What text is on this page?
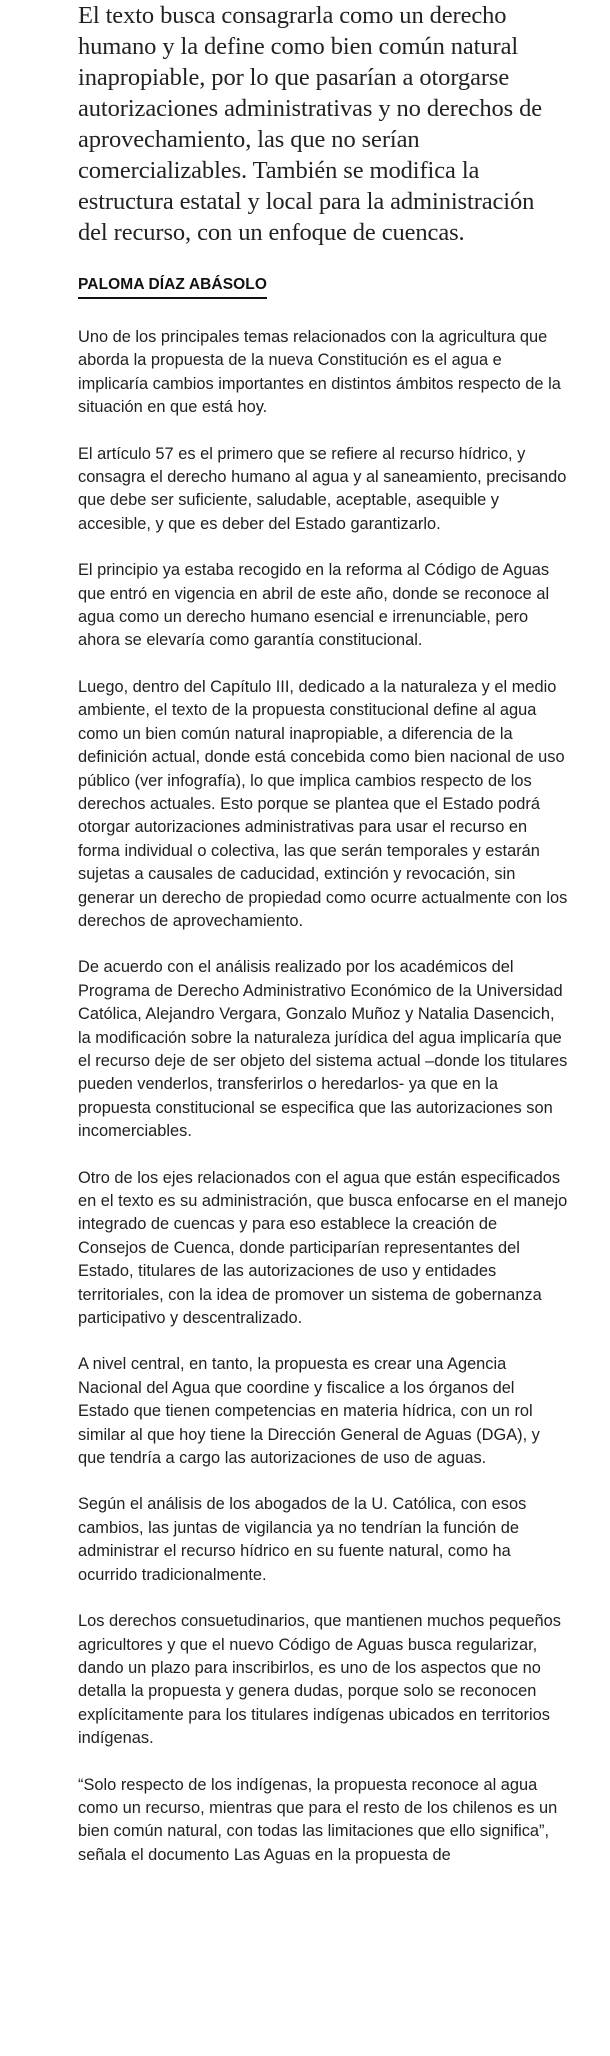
El texto busca consagrarla como un derecho humano y la define como bien común natural inapropiable, por lo que pasarían a otorgarse autorizaciones administrativas y no derechos de aprovechamiento, las que no serían comercializables. También se modifica la estructura estatal y local para la administración del recurso, con un enfoque de cuencas.

PALOMA DÍAZ ABÁSOLO

Uno de los principales temas relacionados con la agricultura que aborda la propuesta de la nueva Constitución es el agua e implicaría cambios importantes en distintos ámbitos respecto de la situación en que está hoy.

El artículo 57 es el primero que se refiere al recurso hídrico, y consagra el derecho humano al agua y al saneamiento, precisando que debe ser suficiente, saludable, aceptable, asequible y accesible, y que es deber del Estado garantizarlo.

El principio ya estaba recogido en la reforma al Código de Aguas que entró en vigencia en abril de este año, donde se reconoce al agua como un derecho humano esencial e irrenunciable, pero ahora se elevaría como garantía constitucional.

Luego, dentro del Capítulo III, dedicado a la naturaleza y el medio ambiente, el texto de la propuesta constitucional define al agua como un bien común natural inapropiable, a diferencia de la definición actual, donde está concebida como bien nacional de uso público (ver infografía), lo que implica cambios respecto de los derechos actuales. Esto porque se plantea que el Estado podrá otorgar autorizaciones administrativas para usar el recurso en forma individual o colectiva, las que serán temporales y estarán sujetas a causales de caducidad, extinción y revocación, sin generar un derecho de propiedad como ocurre actualmente con los derechos de aprovechamiento.

De acuerdo con el análisis realizado por los académicos del Programa de Derecho Administrativo Económico de la Universidad Católica, Alejandro Vergara, Gonzalo Muñoz y Natalia Dasencich, la modificación sobre la naturaleza jurídica del agua implicaría que el recurso deje de ser objeto del sistema actual –donde los titulares pueden venderlos, transferirlos o heredarlos- ya que en la propuesta constitucional se especifica que las autorizaciones son incomerciables.

Otro de los ejes relacionados con el agua que están especificados en el texto es su administración, que busca enfocarse en el manejo integrado de cuencas y para eso establece la creación de Consejos de Cuenca, donde participarían representantes del Estado, titulares de las autorizaciones de uso y entidades territoriales, con la idea de promover un sistema de gobernanza participativo y descentralizado.

A nivel central, en tanto, la propuesta es crear una Agencia Nacional del Agua que coordine y fiscalice a los órganos del Estado que tienen competencias en materia hídrica, con un rol similar al que hoy tiene la Dirección General de Aguas (DGA), y que tendría a cargo las autorizaciones de uso de aguas.

Según el análisis de los abogados de la U. Católica, con esos cambios, las juntas de vigilancia ya no tendrían la función de administrar el recurso hídrico en su fuente natural, como ha ocurrido tradicionalmente.

Los derechos consuetudinarios, que mantienen muchos pequeños agricultores y que el nuevo Código de Aguas busca regularizar, dando un plazo para inscribirlos, es uno de los aspectos que no detalla la propuesta y genera dudas, porque solo se reconocen explícitamente para los titulares indígenas ubicados en territorios indígenas.

“Solo respecto de los indígenas, la propuesta reconoce al agua como un recurso, mientras que para el resto de los chilenos es un bien común natural, con todas las limitaciones que ello significa”, señala el documento Las Aguas en la propuesta de
